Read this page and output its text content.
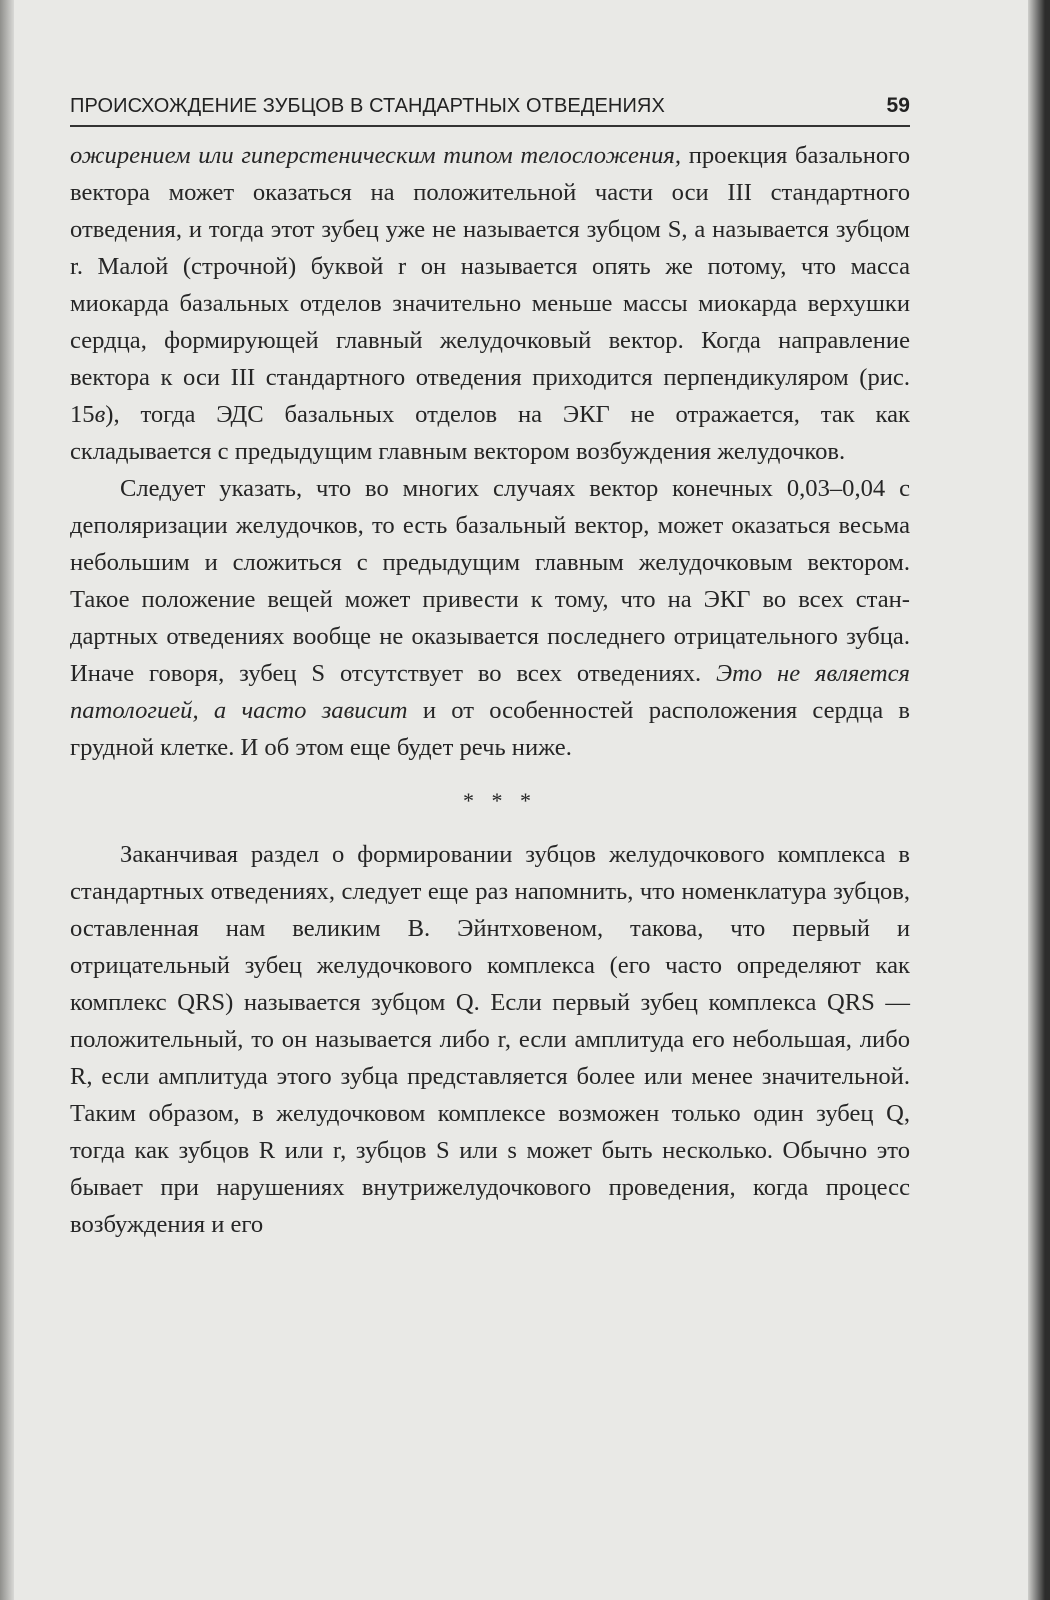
ПРОИСХОЖДЕНИЕ ЗУБЦОВ В СТАНДАРТНЫХ ОТВЕДЕНИЯХ	59

ожирением или гиперстеническим типом телосложения, проекция базального вектора может оказаться на положительной части оси III стандартного отведения, и тогда этот зубец уже не называется зубцом S, а называется зубцом r. Малой (строчной) буквой r он называется опять же потому, что масса миокарда базальных отделов значительно меньше массы миокарда верхушки сердца, формирующей главный желудочковый вектор. Когда направление вектора к оси III стандартного отведения приходится перпендикуляром (рис. 15в), тогда ЭДС базальных отделов на ЭКГ не отражается, так как складывается с предыдущим главным вектором возбуждения желудочков.

Следует указать, что во многих случаях вектор конечных 0,03–0,04 с деполяризации желудочков, то есть базальный вектор, может оказаться весьма небольшим и сложиться с предыдущим главным желудочковым вектором. Такое положение вещей может привести к тому, что на ЭКГ во всех стандартных отведениях вообще не оказывается последнего отрицательного зубца. Иначе говоря, зубец S отсутствует во всех отведениях. Это не является патологией, а часто зависит и от особенностей расположения сердца в грудной клетке. И об этом еще будет речь ниже.

* * *

Заканчивая раздел о формировании зубцов желудочкового комплекса в стандартных отведениях, следует еще раз напомнить, что номенклатура зубцов, оставленная нам великим В. Эйнтховеном, такова, что первый и отрицательный зубец желудочкового комплекса (его часто определяют как комплекс QRS) называется зубцом Q. Если первый зубец комплекса QRS — положительный, то он называется либо r, если амплитуда его небольшая, либо R, если амплитуда этого зубца представляется более или менее значительной. Таким образом, в желудочковом комплексе возможен только один зубец Q, тогда как зубцов R или r, зубцов S или s может быть несколько. Обычно это бывает при нарушениях внутрижелудочкового проведения, когда процесс возбуждения и его
